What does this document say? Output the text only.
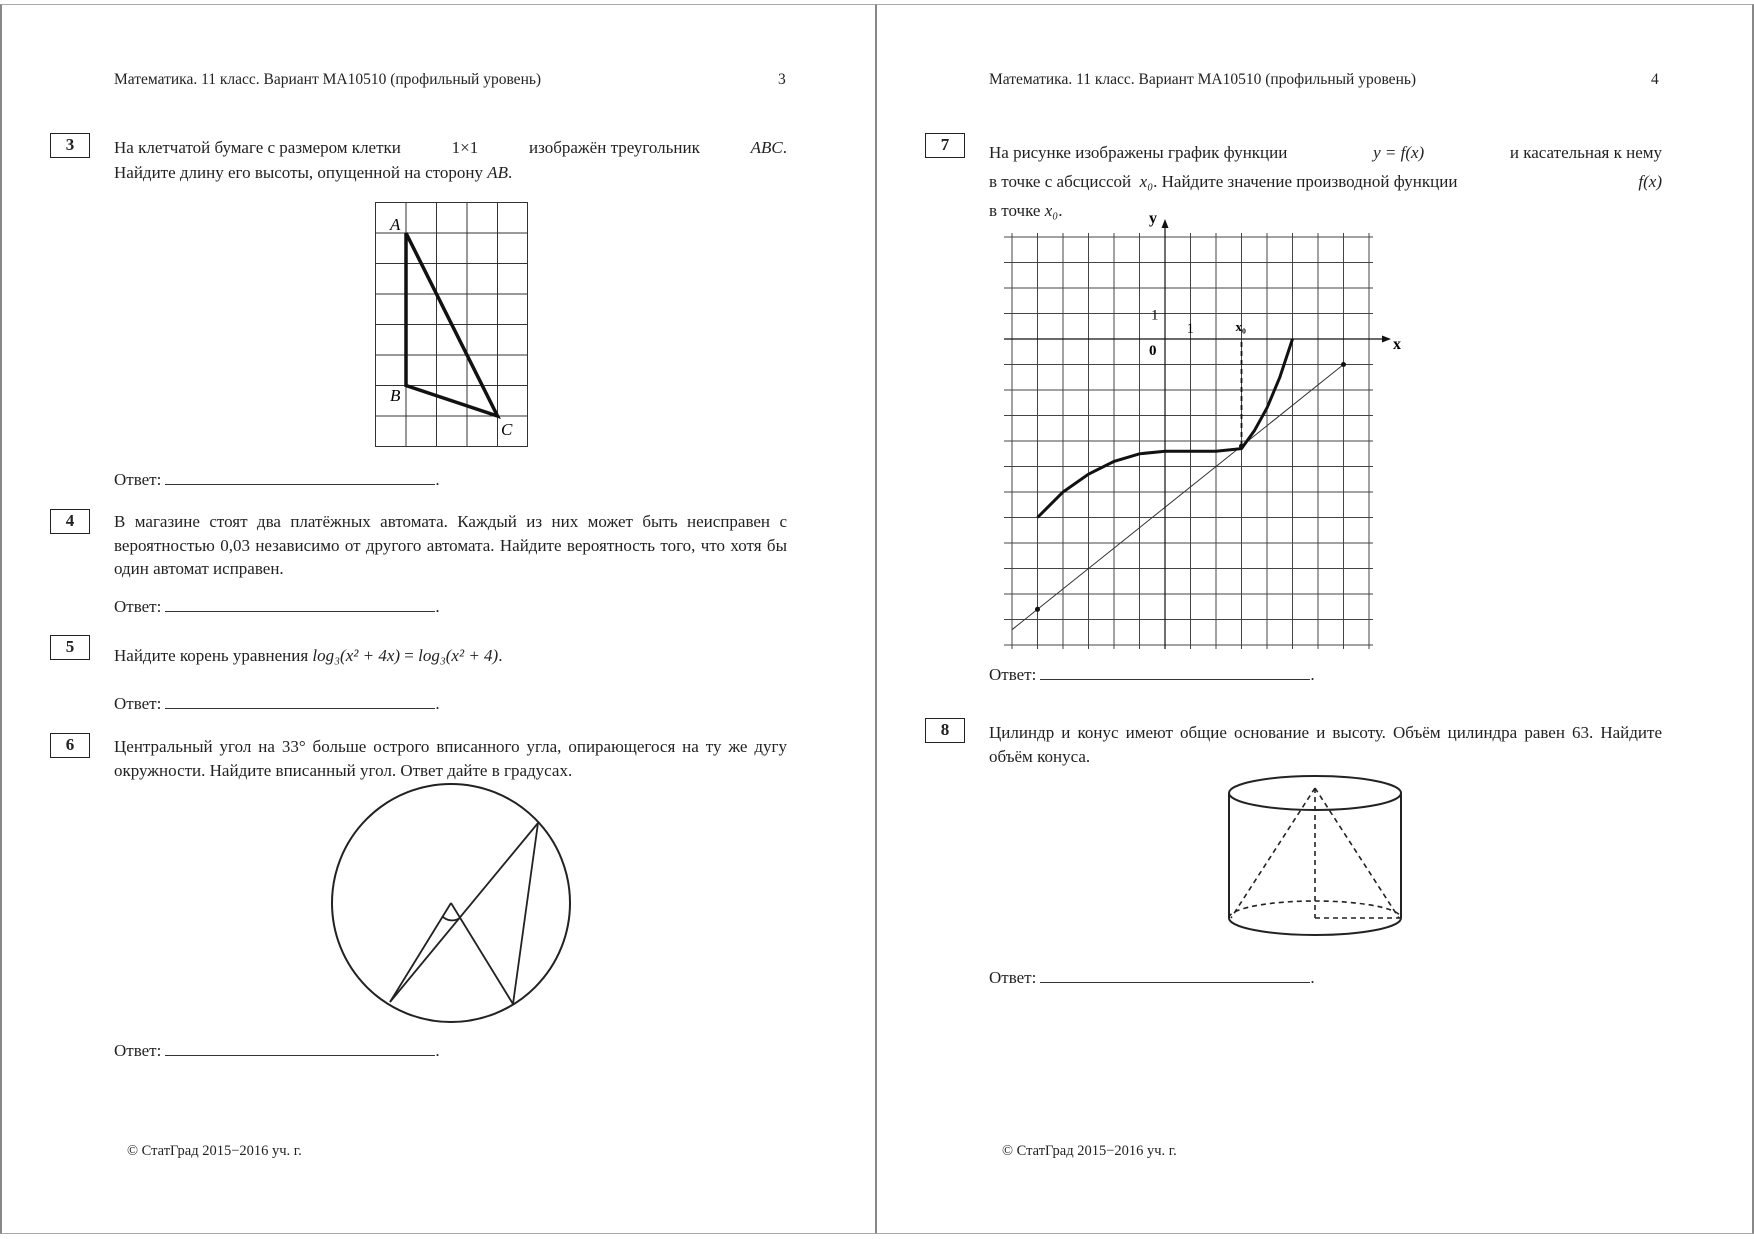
Математика. 11 класс. Вариант МА10510 (профильный уровень)	3
3	На клетчатой бумаге с размером клетки	1×1	изображён треугольник	ABC.
Найдите длину его высоты, опущенной на сторону AB.
A
B
C
Ответ:	.
4	В магазине стоят два платёжных автомата. Каждый из них может быть неисправен с вероятностью 0,03 независимо от другого автомата. Найдите вероятность того, что хотя бы один автомат исправен.
Ответ:	.
5	Найдите корень уравнения log₃(x² + 4x) = log₃(x² + 4).
Ответ:	.
6	Центральный угол на 33° больше острого вписанного угла, опирающегося на ту же дугу окружности. Найдите вписанный угол. Ответ дайте в градусах.
Ответ:	.
© СтатГрад 2015−2016 уч. г.
Математика. 11 класс. Вариант МА10510 (профильный уровень)	4
7	На рисунке изображены график функции	y = f(x)	и касательная к нему
в точке с абсциссой x₀. Найдите значение производной функции	f(x)
в точке x₀.	y
x
1
1
0
x₀
Ответ:	.
8	Цилиндр и конус имеют общие основание и высоту. Объём цилиндра равен 63. Найдите объём конуса.
Ответ:	.
© СтатГрад 2015−2016 уч. г.
